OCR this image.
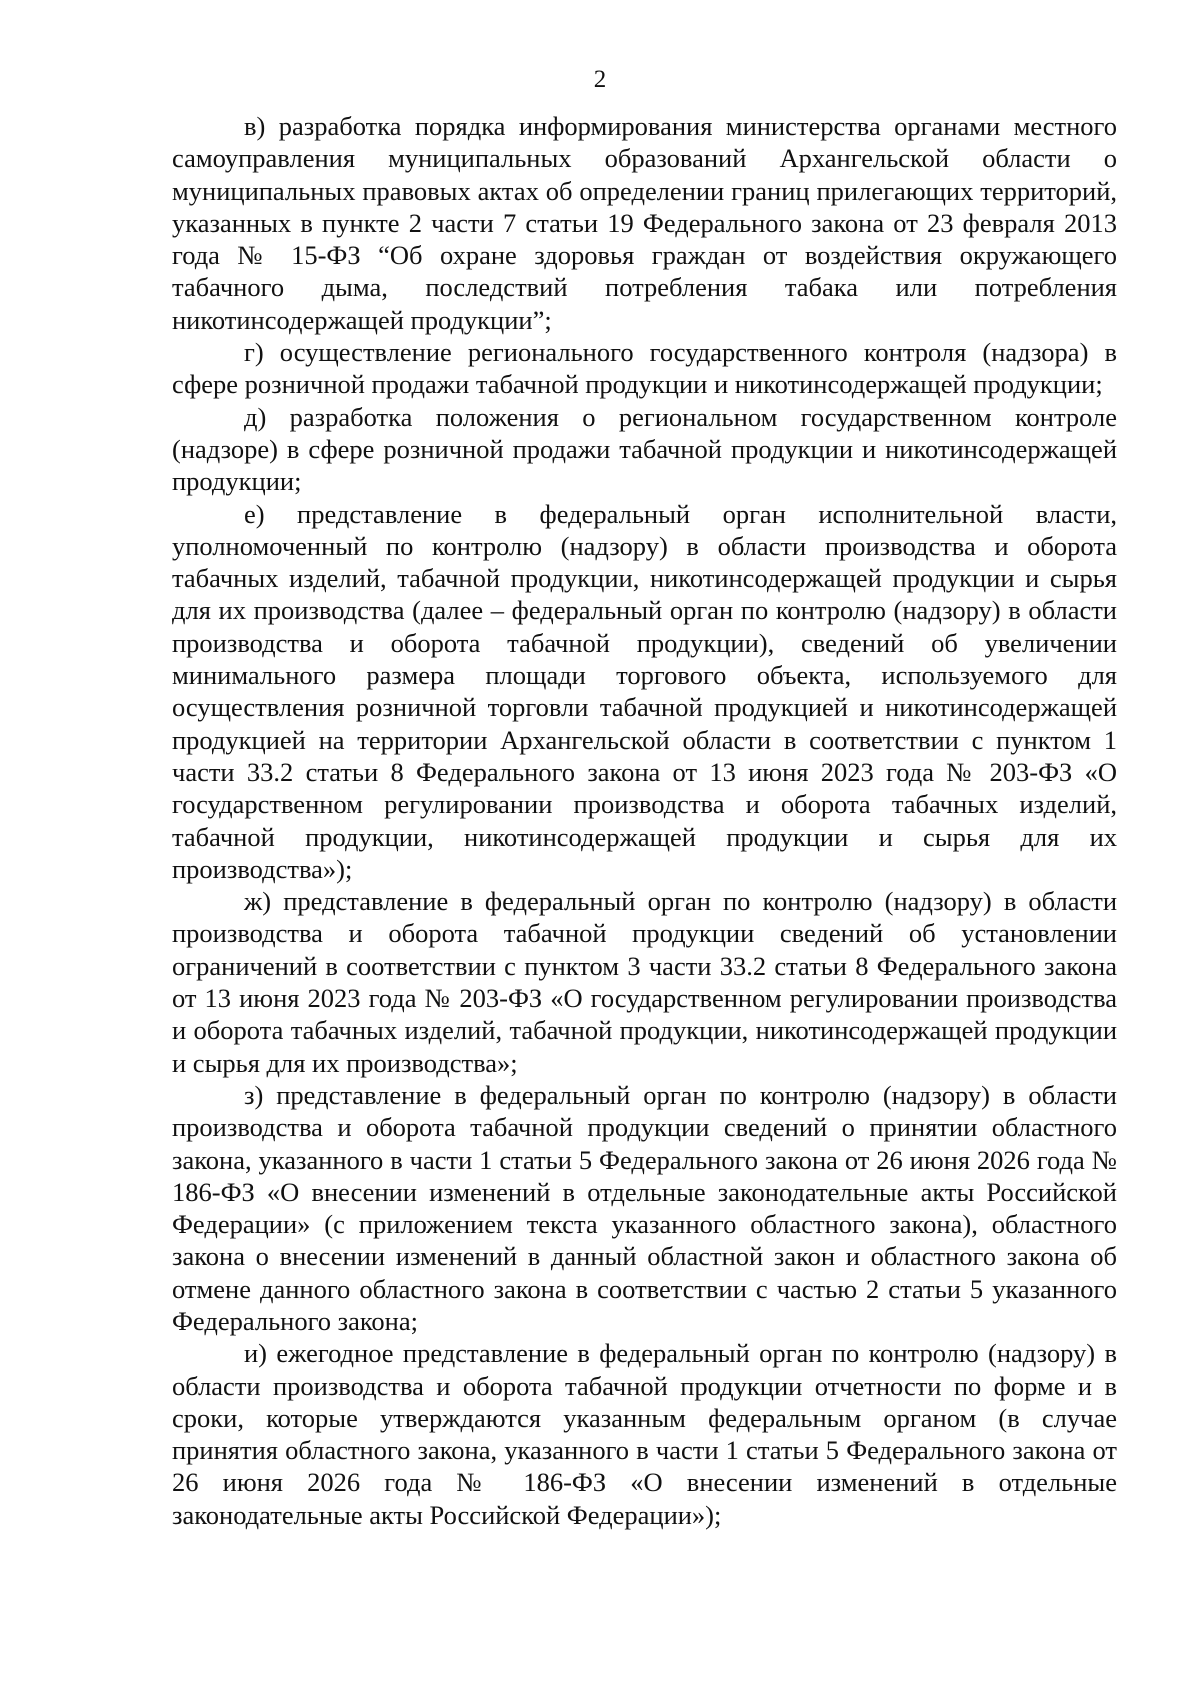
2

в) разработка порядка информирования министерства органами местного самоуправления муниципальных образований Архангельской области о муниципальных правовых актах об определении границ прилегающих территорий, указанных в пункте 2 части 7 статьи 19 Федерального закона от 23 февраля 2013 года № 15-ФЗ “Об охране здоровья граждан от воздействия окружающего табачного дыма, последствий потребления табака или потребления никотинсодержащей продукции”;

г) осуществление регионального государственного контроля (надзора) в сфере розничной продажи табачной продукции и никотинсодержащей продукции;

д) разработка положения о региональном государственном контроле (надзоре) в сфере розничной продажи табачной продукции и никотинсодержащей продукции;

е) представление в федеральный орган исполнительной власти, уполномоченный по контролю (надзору) в области производства и оборота табачных изделий, табачной продукции, никотинсодержащей продукции и сырья для их производства (далее – федеральный орган по контролю (надзору) в области производства и оборота табачной продукции), сведений об увеличении минимального размера площади торгового объекта, используемого для осуществления розничной торговли табачной продукцией и никотинсодержащей продукцией на территории Архангельской области в соответствии с пунктом 1 части 33.2 статьи 8 Федерального закона от 13 июня 2023 года № 203-ФЗ «О государственном регулировании производства и оборота табачных изделий, табачной продукции, никотинсодержащей продукции и сырья для их производства»);

ж) представление в федеральный орган по контролю (надзору) в области производства и оборота табачной продукции сведений об установлении ограничений в соответствии с пунктом 3 части 33.2 статьи 8 Федерального закона от 13 июня 2023 года № 203-ФЗ «О государственном регулировании производства и оборота табачных изделий, табачной продукции, никотинсодержащей продукции и сырья для их производства»;

з) представление в федеральный орган по контролю (надзору) в области производства и оборота табачной продукции сведений о принятии областного закона, указанного в части 1 статьи 5 Федерального закона от 26 июня 2026 года № 186-ФЗ «О внесении изменений в отдельные законодательные акты Российской Федерации» (с приложением текста указанного областного закона), областного закона о внесении изменений в данный областной закон и областного закона об отмене данного областного закона в соответствии с частью 2 статьи 5 указанного Федерального закона;

и) ежегодное представление в федеральный орган по контролю (надзору) в области производства и оборота табачной продукции отчетности по форме и в сроки, которые утверждаются указанным федеральным органом (в случае принятия областного закона, указанного в части 1 статьи 5 Федерального закона от 26 июня 2026 года № 186-ФЗ «О внесении изменений в отдельные законодательные акты Российской Федерации»);
